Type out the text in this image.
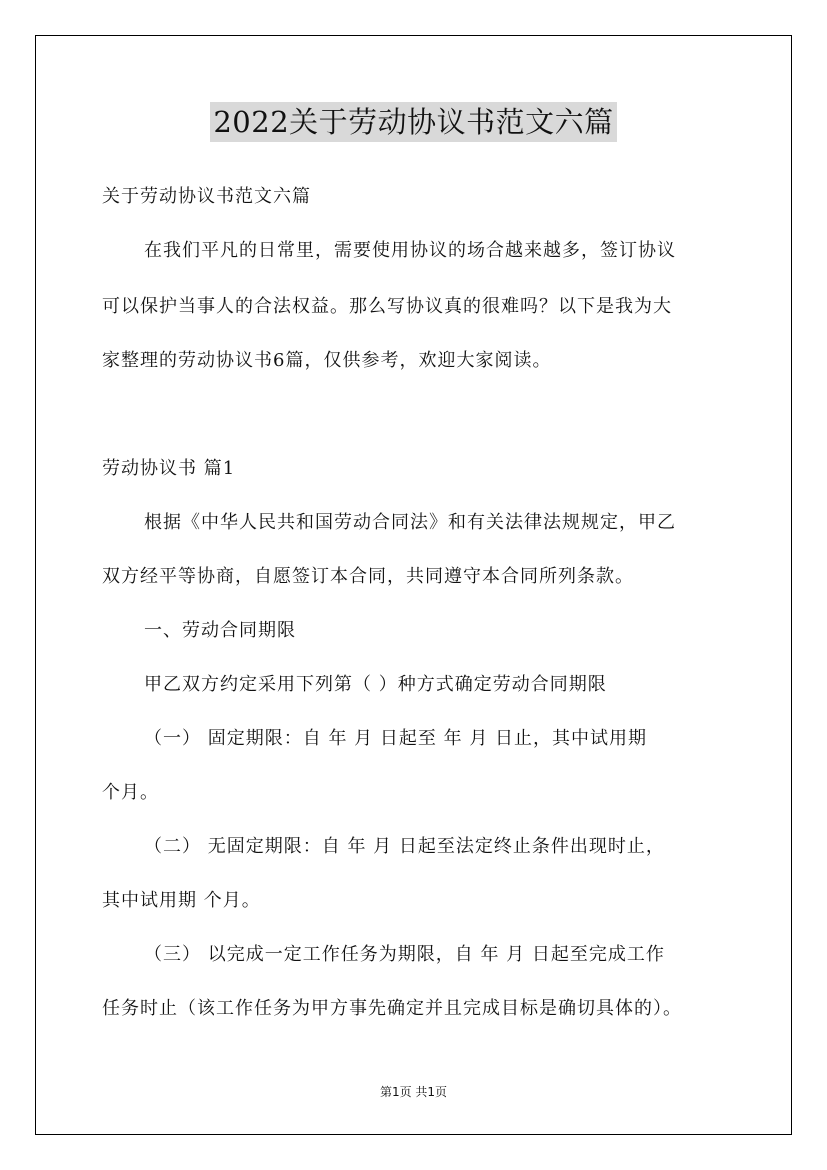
2022关于劳动协议书范文六篇
关于劳动协议书范文六篇
在我们平凡的日常里，需要使用协议的场合越来越多，签订协议
可以保护当事人的合法权益。那么写协议真的很难吗？以下是我为大
家整理的劳动协议书6篇，仅供参考，欢迎大家阅读。
劳动协议书 篇1
根据《中华人民共和国劳动合同法》和有关法律法规规定，甲乙
双方经平等协商，自愿签订本合同，共同遵守本合同所列条款。
一、劳动合同期限
甲乙双方约定采用下列第（ ）种方式确定劳动合同期限
（一） 固定期限：自 年 月 日起至 年 月 日止，其中试用期
个月。
（二） 无固定期限：自 年 月 日起至法定终止条件出现时止，
其中试用期 个月。
（三） 以完成一定工作任务为期限，自 年 月 日起至完成工作
任务时止（该工作任务为甲方事先确定并且完成目标是确切具体的）。
第1页 共1页
